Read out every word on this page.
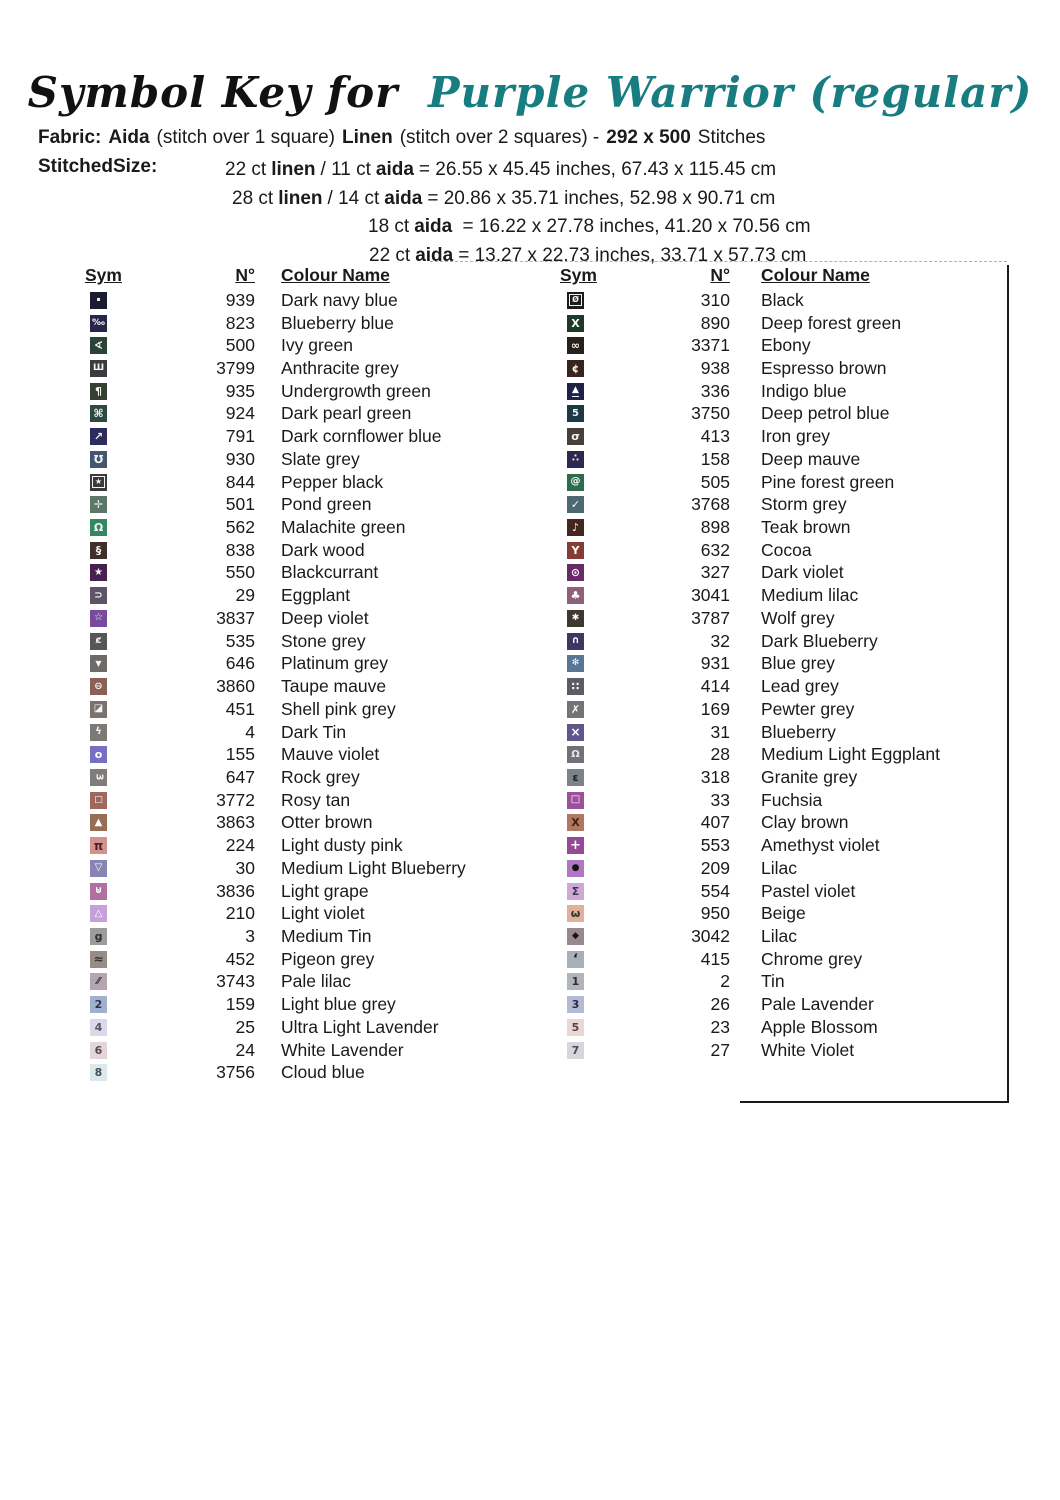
Symbol Key for Purple Warrior (regular)
Fabric: Aida (stitch over 1 square) Linen (stitch over 2 squares) - 292 x 500 Stitches
StitchedSize:	22 ct linen / 11 ct aida = 26.55 x 45.45 inches, 67.43 x 115.45 cm
28 ct linen / 14 ct aida = 20.86 x 35.71 inches, 52.98 x 90.71 cm
18 ct aida = 16.22 x 27.78 inches, 41.20 x 70.56 cm
22 ct aida = 13.27 x 22.73 inches, 33.71 x 57.73 cm
Sym	N° Colour Name
·	939 Dark navy blue
‰	823 Blueberry blue
∢	500 Ivy green
Ш	3799 Anthracite grey
¶	935 Undergrowth green
⌘	924 Dark pearl green
↗	791 Dark cornflower blue
℧	930 Slate grey
★	844 Pepper black
✛	501 Pond green
Ω	562 Malachite green
§	838 Dark wood
★	550 Blackcurrant
⊃	29 Eggplant
☆	3837 Deep violet
ȼ	535 Stone grey
▼	646 Platinum grey
⊖	3860 Taupe mauve
◪	451 Shell pink grey
ϟ	4 Dark Tin
o	155 Mauve violet
3	647 Rock grey
□	3772 Rosy tan
▲	3863 Otter brown
π	224 Light dusty pink
▽	30 Medium Light Blueberry
⊎	3836 Light grape
△	210 Light violet
g	3 Medium Tin
≈	452 Pigeon grey
⁄⁄	3743 Pale lilac
2	159 Light blue grey
4	25 Ultra Light Lavender
6	24 White Lavender
8	3756 Cloud blue
Sym	N° Colour Name
Ø	310 Black
X	890 Deep forest green
∞	3371 Ebony
¢	938 Espresso brown
▲	336 Indigo blue
5	3750 Deep petrol blue
σ	413 Iron grey
∴	158 Deep mauve
@	505 Pine forest green
✓	3768 Storm grey
♪	898 Teak brown
Y	632 Cocoa
⊙	327 Dark violet
♣	3041 Medium lilac
✱	3787 Wolf grey
∩	32 Dark Blueberry
✻	931 Blue grey
∷	414 Lead grey
✗	169 Pewter grey
×	31 Blueberry
Ω	28 Medium Light Eggplant
ε	318 Granite grey
□	33 Fuchsia
Χ	407 Clay brown
+	553 Amethyst violet
●	209 Lilac
Σ	554 Pastel violet
ω	950 Beige
◆	3042 Lilac
ʻ	415 Chrome grey
1	2 Tin
3	26 Pale Lavender
5	23 Apple Blossom
7	27 White Violet
